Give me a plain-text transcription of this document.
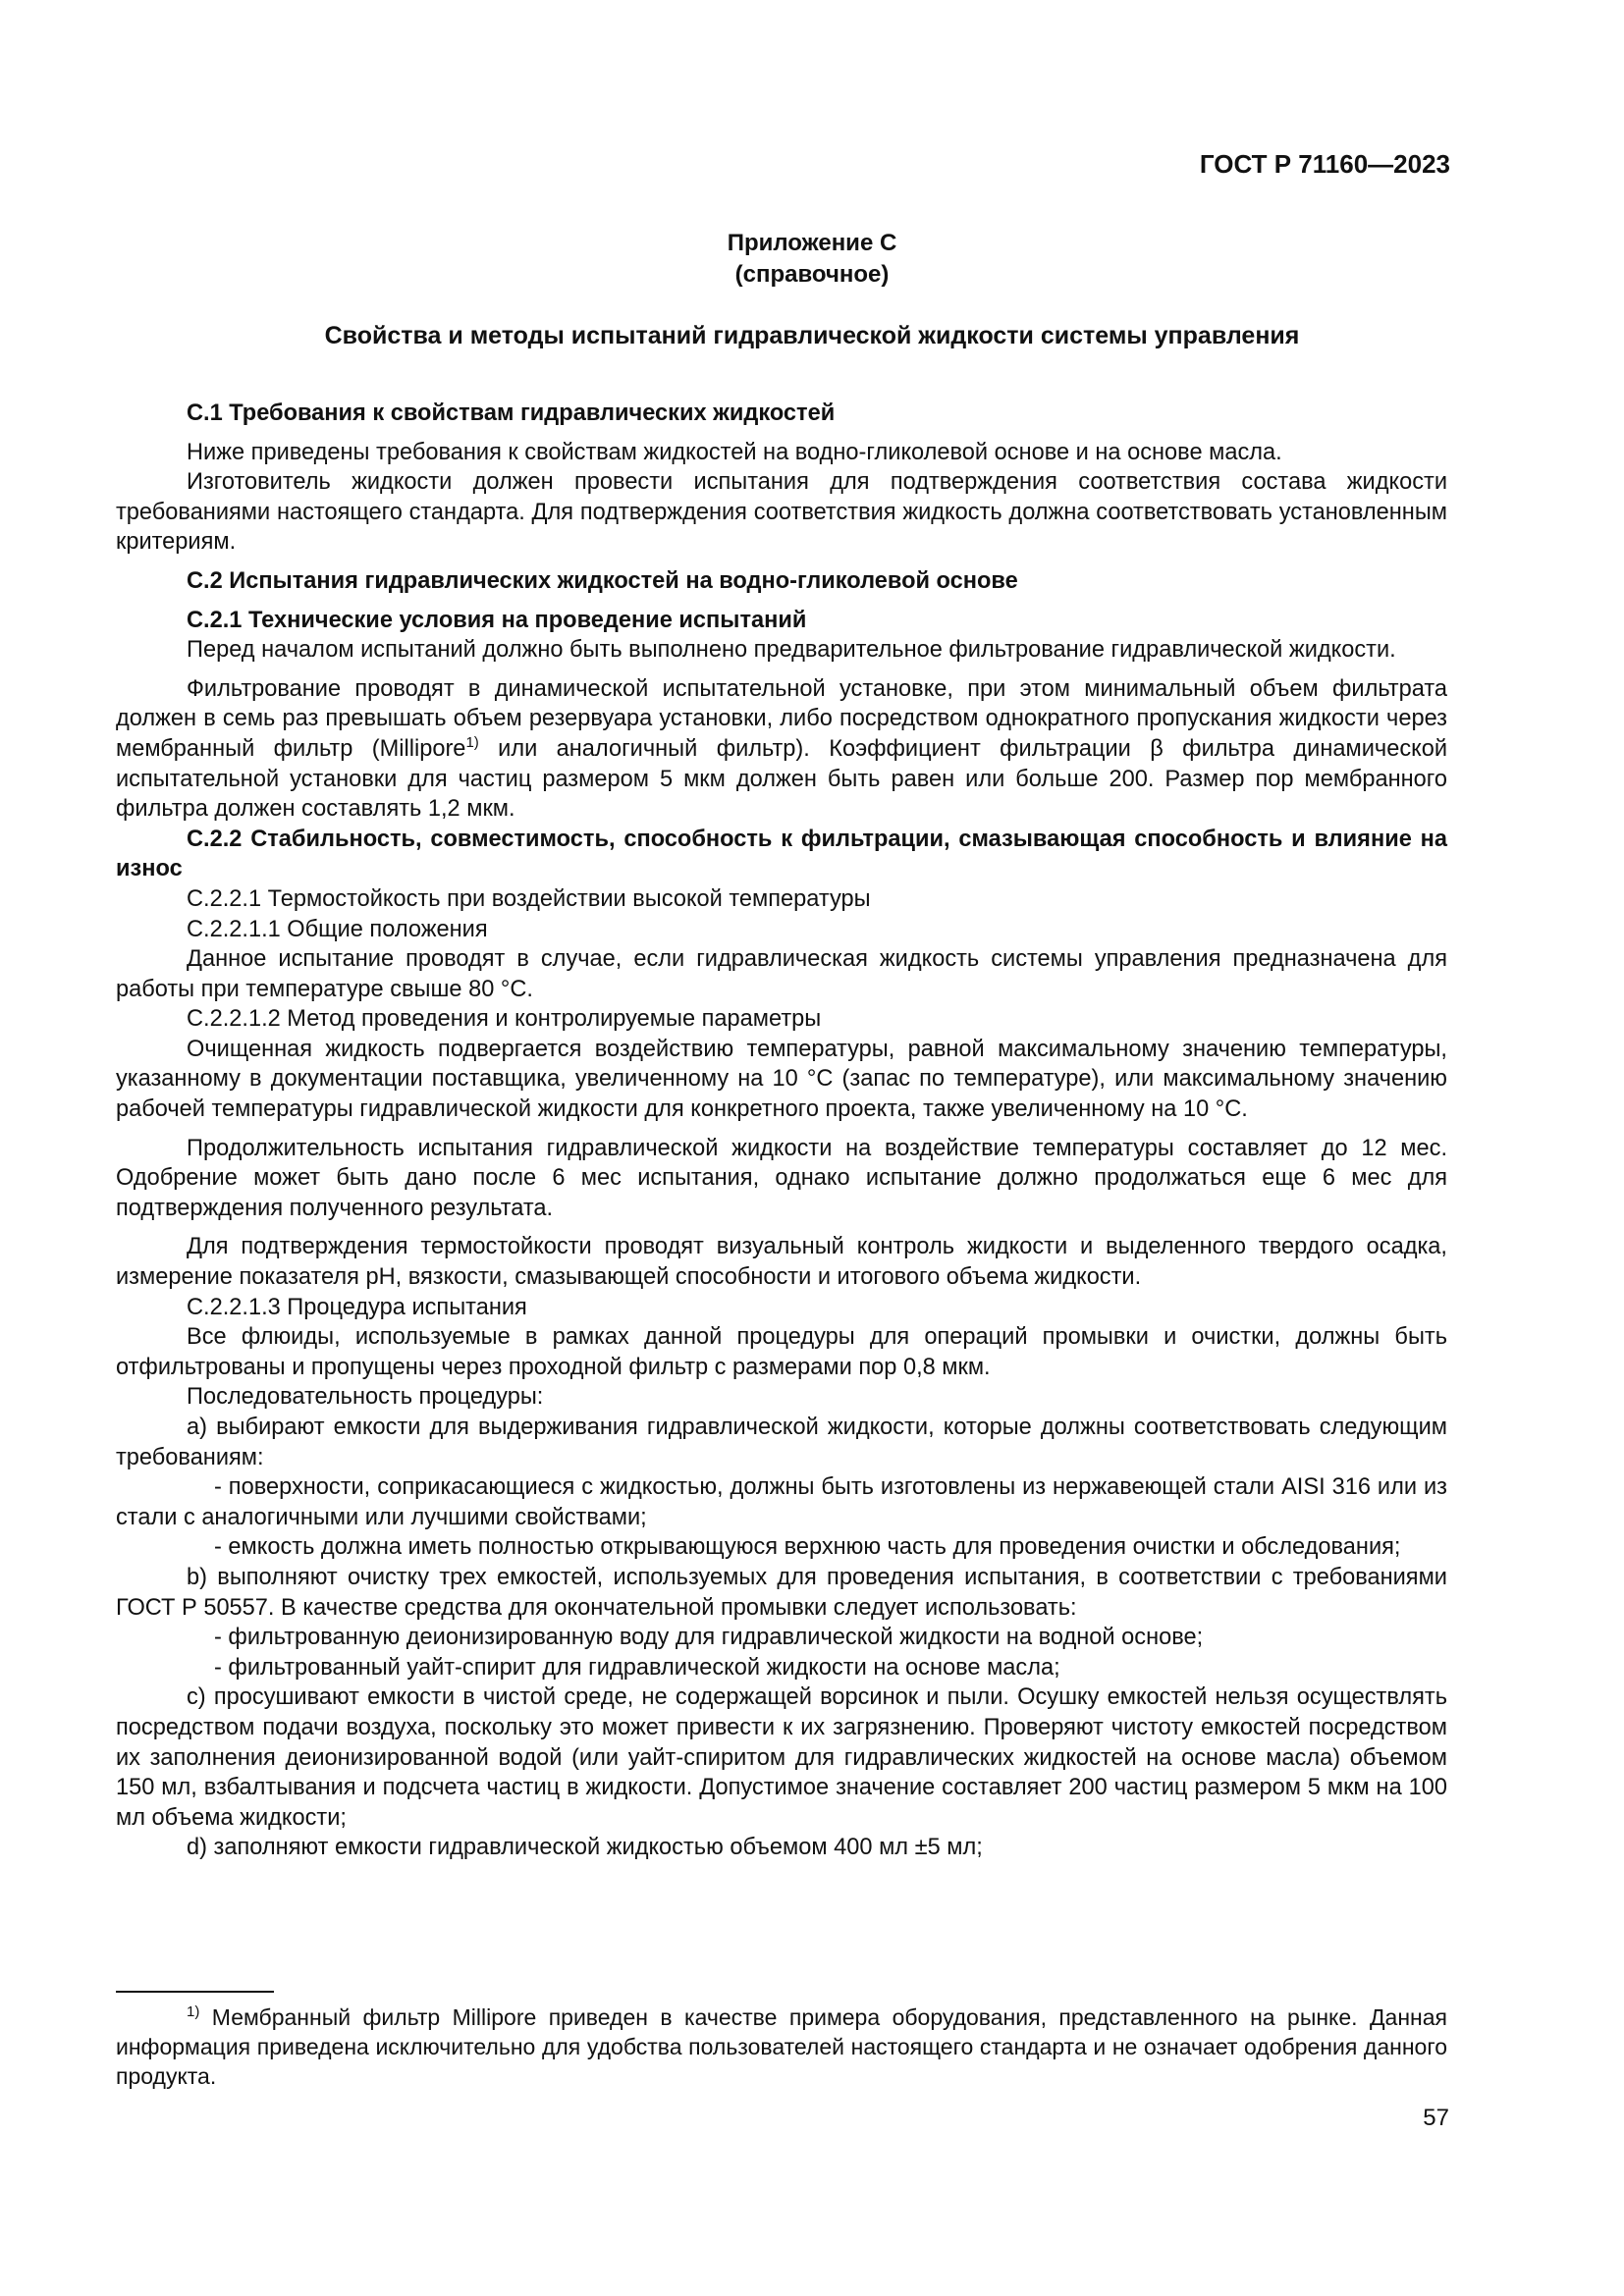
ГОСТ Р 71160—2023
Приложение С
(справочное)
Свойства и методы испытаний гидравлической жидкости системы управления

С.1 Требования к свойствам гидравлических жидкостей

Ниже приведены требования к свойствам жидкостей на водно-гликолевой основе и на основе масла.

Изготовитель жидкости должен провести испытания для подтверждения соответствия состава жидкости требованиями настоящего стандарта. Для подтверждения соответствия жидкость должна соответствовать установленным критериям.

С.2 Испытания гидравлических жидкостей на водно-гликолевой основе

С.2.1 Технические условия на проведение испытаний

Перед началом испытаний должно быть выполнено предварительное фильтрование гидравлической жидкости.

Фильтрование проводят в динамической испытательной установке, при этом минимальный объем фильтрата должен в семь раз превышать объем резервуара установки, либо посредством однократного пропускания жидкости через мембранный фильтр (Millipore$^{1)}$ или аналогичный фильтр). Коэффициент фильтрации β фильтра динамической испытательной установки для частиц размером 5 мкм должен быть равен или больше 200. Размер пор мембранного фильтра должен составлять 1,2 мкм.

С.2.2 Стабильность, совместимость, способность к фильтрации, смазывающая способность и влияние на износ

С.2.2.1 Термостойкость при воздействии высокой температуры

С.2.2.1.1 Общие положения

Данное испытание проводят в случае, если гидравлическая жидкость системы управления предназначена для работы при температуре свыше 80 °С.

С.2.2.1.2 Метод проведения и контролируемые параметры

Очищенная жидкость подвергается воздействию температуры, равной максимальному значению температуры, указанному в документации поставщика, увеличенному на 10 °С (запас по температуре), или максимальному значению рабочей температуры гидравлической жидкости для конкретного проекта, также увеличенному на 10 °С.

Продолжительность испытания гидравлической жидкости на воздействие температуры составляет до 12 мес. Одобрение может быть дано после 6 мес испытания, однако испытание должно продолжаться еще 6 мес для подтверждения полученного результата.

Для подтверждения термостойкости проводят визуальный контроль жидкости и выделенного твердого осадка, измерение показателя pH, вязкости, смазывающей способности и итогового объема жидкости.

С.2.2.1.3 Процедура испытания

Все флюиды, используемые в рамках данной процедуры для операций промывки и очистки, должны быть отфильтрованы и пропущены через проходной фильтр с размерами пор 0,8 мкм.

Последовательность процедуры:

a) выбирают емкости для выдерживания гидравлической жидкости, которые должны соответствовать следующим требованиям:

- поверхности, соприкасающиеся с жидкостью, должны быть изготовлены из нержавеющей стали AISI 316 или из стали с аналогичными или лучшими свойствами;

- емкость должна иметь полностью открывающуюся верхнюю часть для проведения очистки и обследования;

b) выполняют очистку трех емкостей, используемых для проведения испытания, в соответствии с требованиями ГОСТ Р 50557. В качестве средства для окончательной промывки следует использовать:

- фильтрованную деионизированную воду для гидравлической жидкости на водной основе;

- фильтрованный уайт-спирит для гидравлической жидкости на основе масла;

c) просушивают емкости в чистой среде, не содержащей ворсинок и пыли. Осушку емкостей нельзя осуществлять посредством подачи воздуха, поскольку это может привести к их загрязнению. Проверяют чистоту емкостей посредством их заполнения деионизированной водой (или уайт-спиритом для гидравлических жидкостей на основе масла) объемом 150 мл, взбалтывания и подсчета частиц в жидкости. Допустимое значение составляет 200 частиц размером 5 мкм на 100 мл объема жидкости;

d) заполняют емкости гидравлической жидкостью объемом 400 мл ±5 мл;

$^{1)}$ Мембранный фильтр Millipore приведен в качестве примера оборудования, представленного на рынке. Данная информация приведена исключительно для удобства пользователей настоящего стандарта и не означает одобрения данного продукта.

57
